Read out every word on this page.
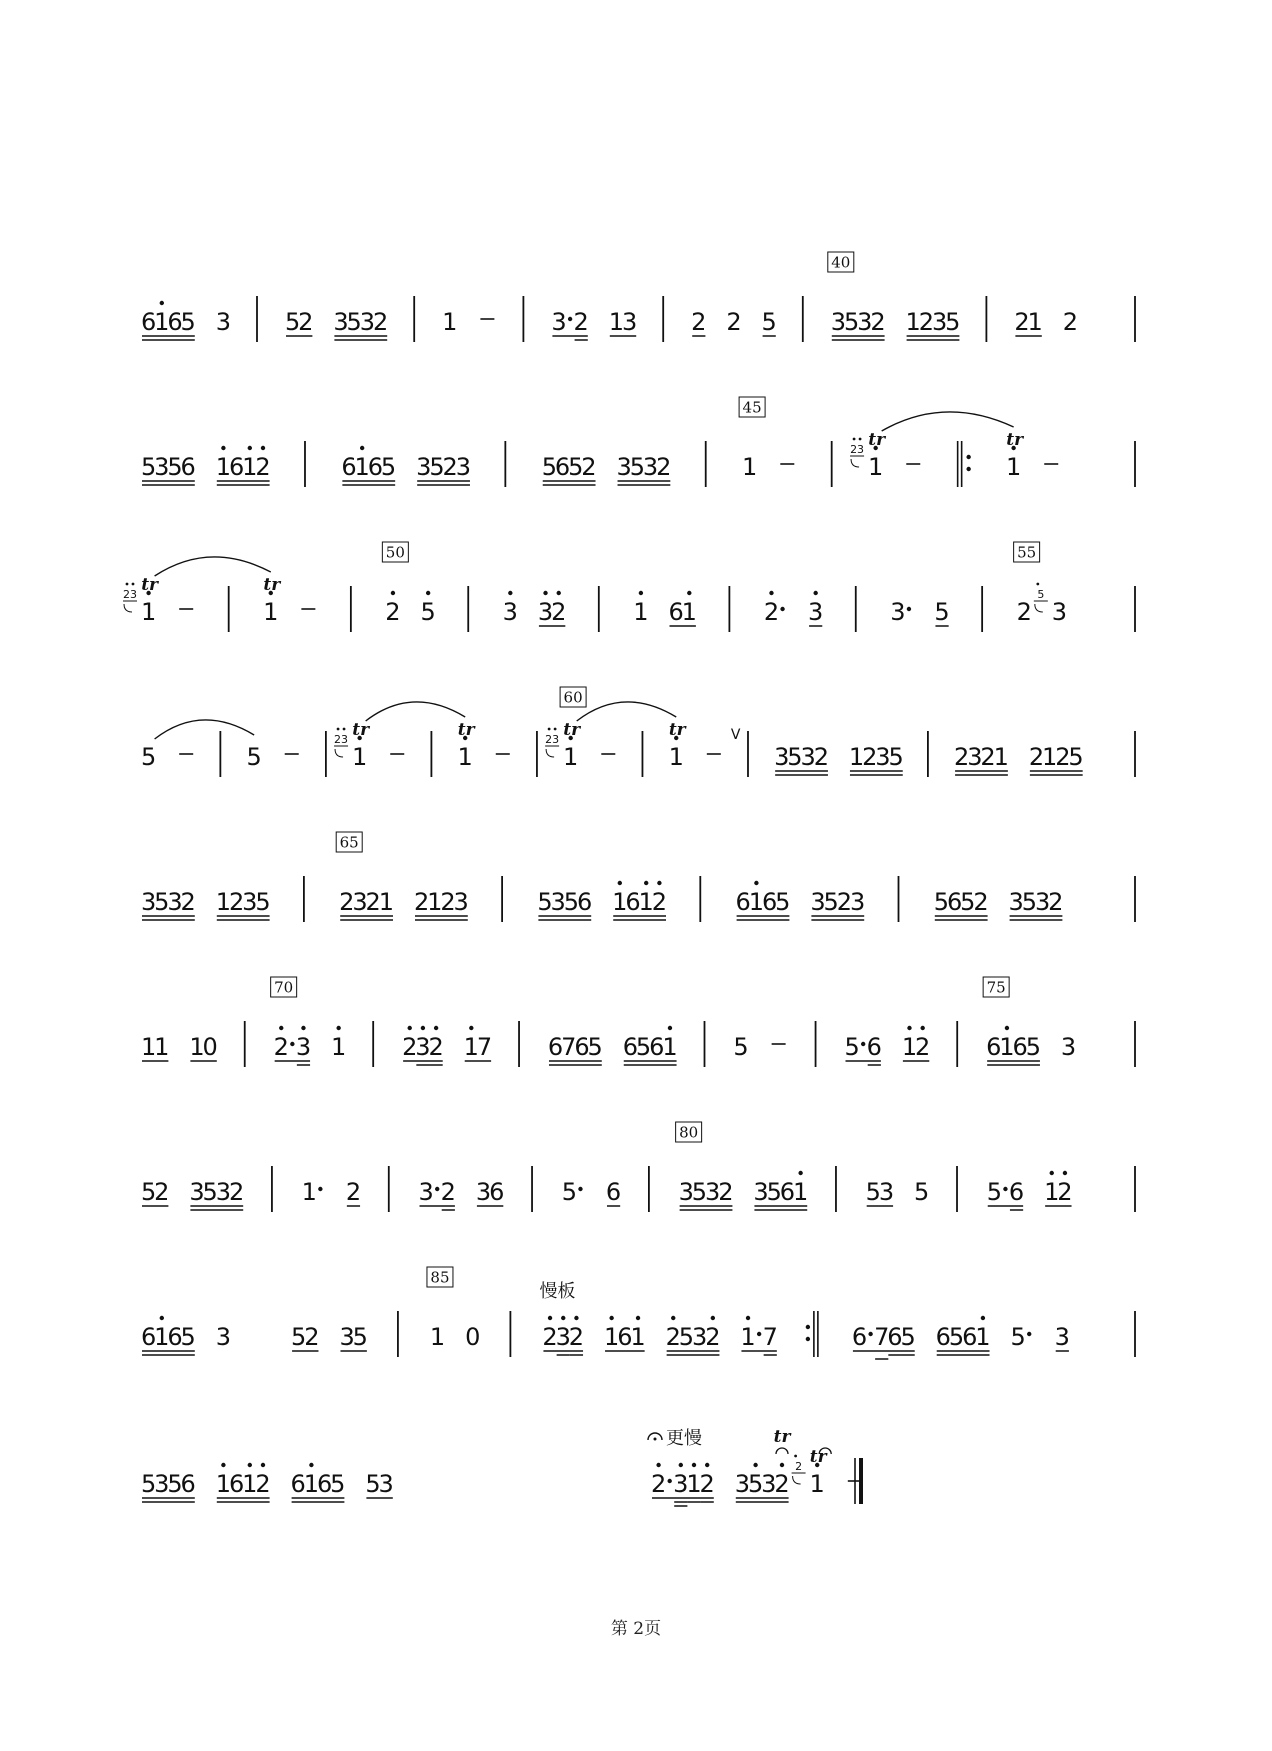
6
1
6
5 3 5
2 3
5
3
2 1	3 2 1
3 2 2 5
40
3
5
3
2 1
2
3
5 2
1 2
5
3
5
6 1
6
1
2	6
1
6
5 3
5
2
3	5
6
5
2 3
5
3
2
45
1	1
tr
23
1
tr
1
tr
23
1
tr
50
2 5	3 3
2	1 6
1	2 3	3 5
55
2 3
5
5	5	1
tr
23
1
tr
60
1
tr
23
1
tr	V
3
5
3
2 1
2
3
5 2
3
2
1 2
1
2
5
3
5
3
2 1
2
3
5
65
2
3
2
1 2
1
2
3	5
3
5
6 1
6
1
2	6
1
6
5 3
5
2
3	5
6
5
2 3
5
3
2
1
1 1
0
70
2 3 1 2
3
2 1
7 6
7
6
5 6
5
6
1 5	5 6 1
2
75
6
1
6
5 3
5
2 3
5
3
2 1 2 3 2 3
6 5 6
80
3
5
3
2 3
5
6
1 5
3 5 5 6 1
2
6
1
6
5 3 5
2 3
5
85
1 0
慢板
2
3
2 1
6
1 2
5
3
2 1 7	6 7
6
5 6
5
6
1 5 3
5
3
5
6 1
6
1
2 6
1
6
5 5
3
更慢
2 3
1
2 3
5
3
2
tr
1
tr
2
第 2页
